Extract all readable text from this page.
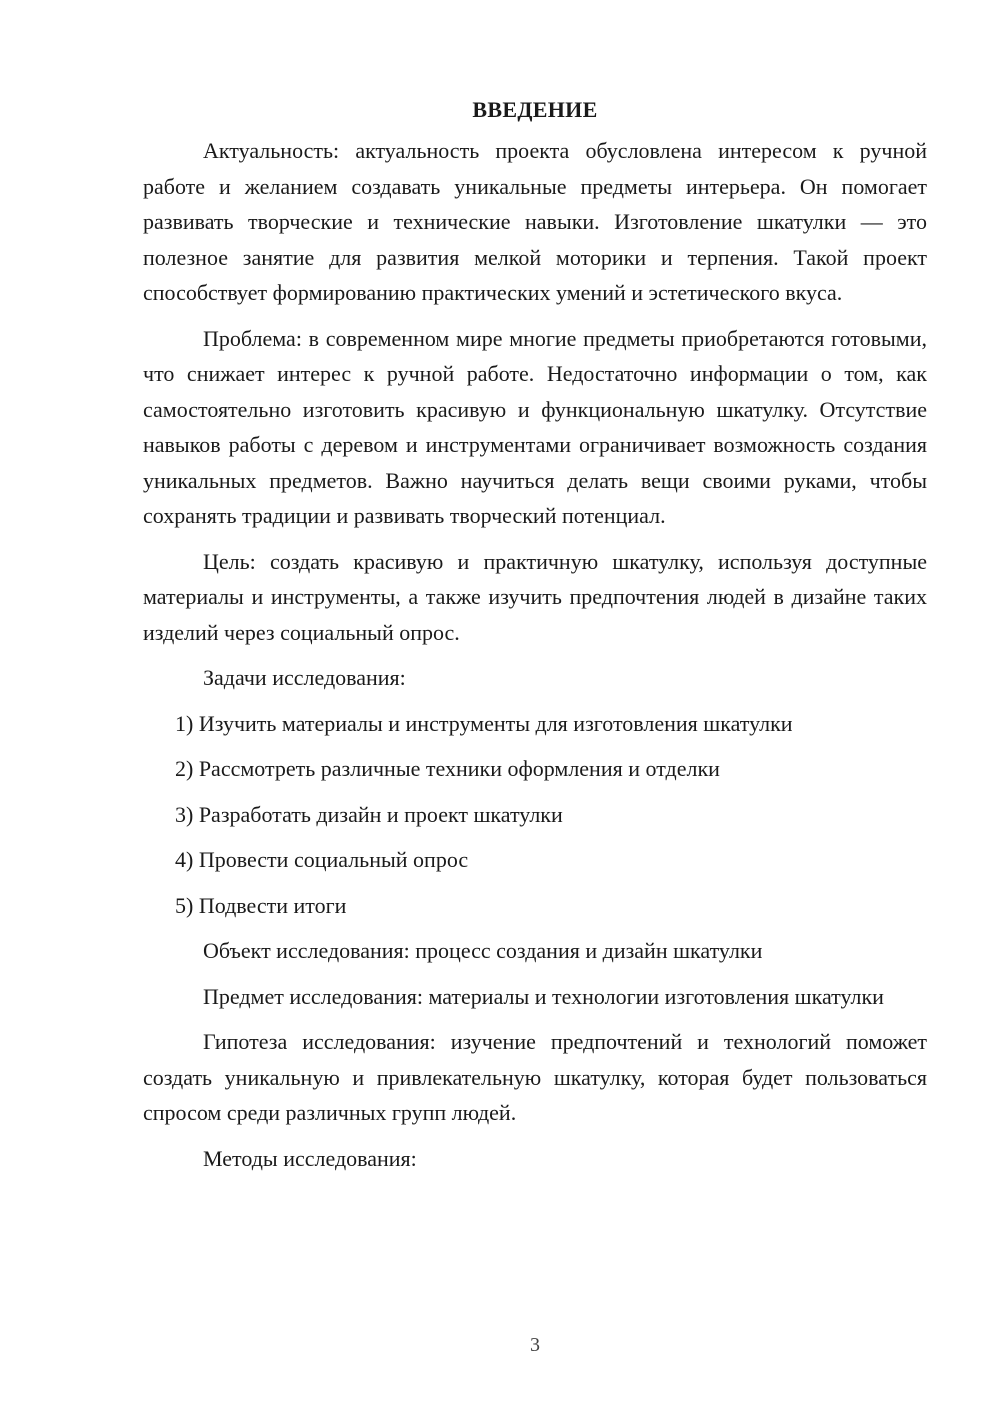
ВВЕДЕНИЕ

Актуальность: актуальность проекта обусловлена интересом к ручной работе и желанием создавать уникальные предметы интерьера. Он помогает развивать творческие и технические навыки. Изготовление шкатулки — это полезное занятие для развития мелкой моторики и терпения. Такой проект способствует формированию практических умений и эстетического вкуса.

Проблема: в современном мире многие предметы приобретаются готовыми, что снижает интерес к ручной работе. Недостаточно информации о том, как самостоятельно изготовить красивую и функциональную шкатулку. Отсутствие навыков работы с деревом и инструментами ограничивает возможность создания уникальных предметов. Важно научиться делать вещи своими руками, чтобы сохранять традиции и развивать творческий потенциал.

Цель: создать красивую и практичную шкатулку, используя доступные материалы и инструменты, а также изучить предпочтения людей в дизайне таких изделий через социальный опрос.

Задачи исследования:

1) Изучить материалы и инструменты для изготовления шкатулки
2) Рассмотреть различные техники оформления и отделки
3) Разработать дизайн и проект шкатулки
4) Провести социальный опрос
5) Подвести итоги

Объект исследования: процесс создания и дизайн шкатулки

Предмет исследования: материалы и технологии изготовления шкатулки

Гипотеза исследования: изучение предпочтений и технологий поможет создать уникальную и привлекательную шкатулку, которая будет пользоваться спросом среди различных групп людей.

Методы исследования:

3
